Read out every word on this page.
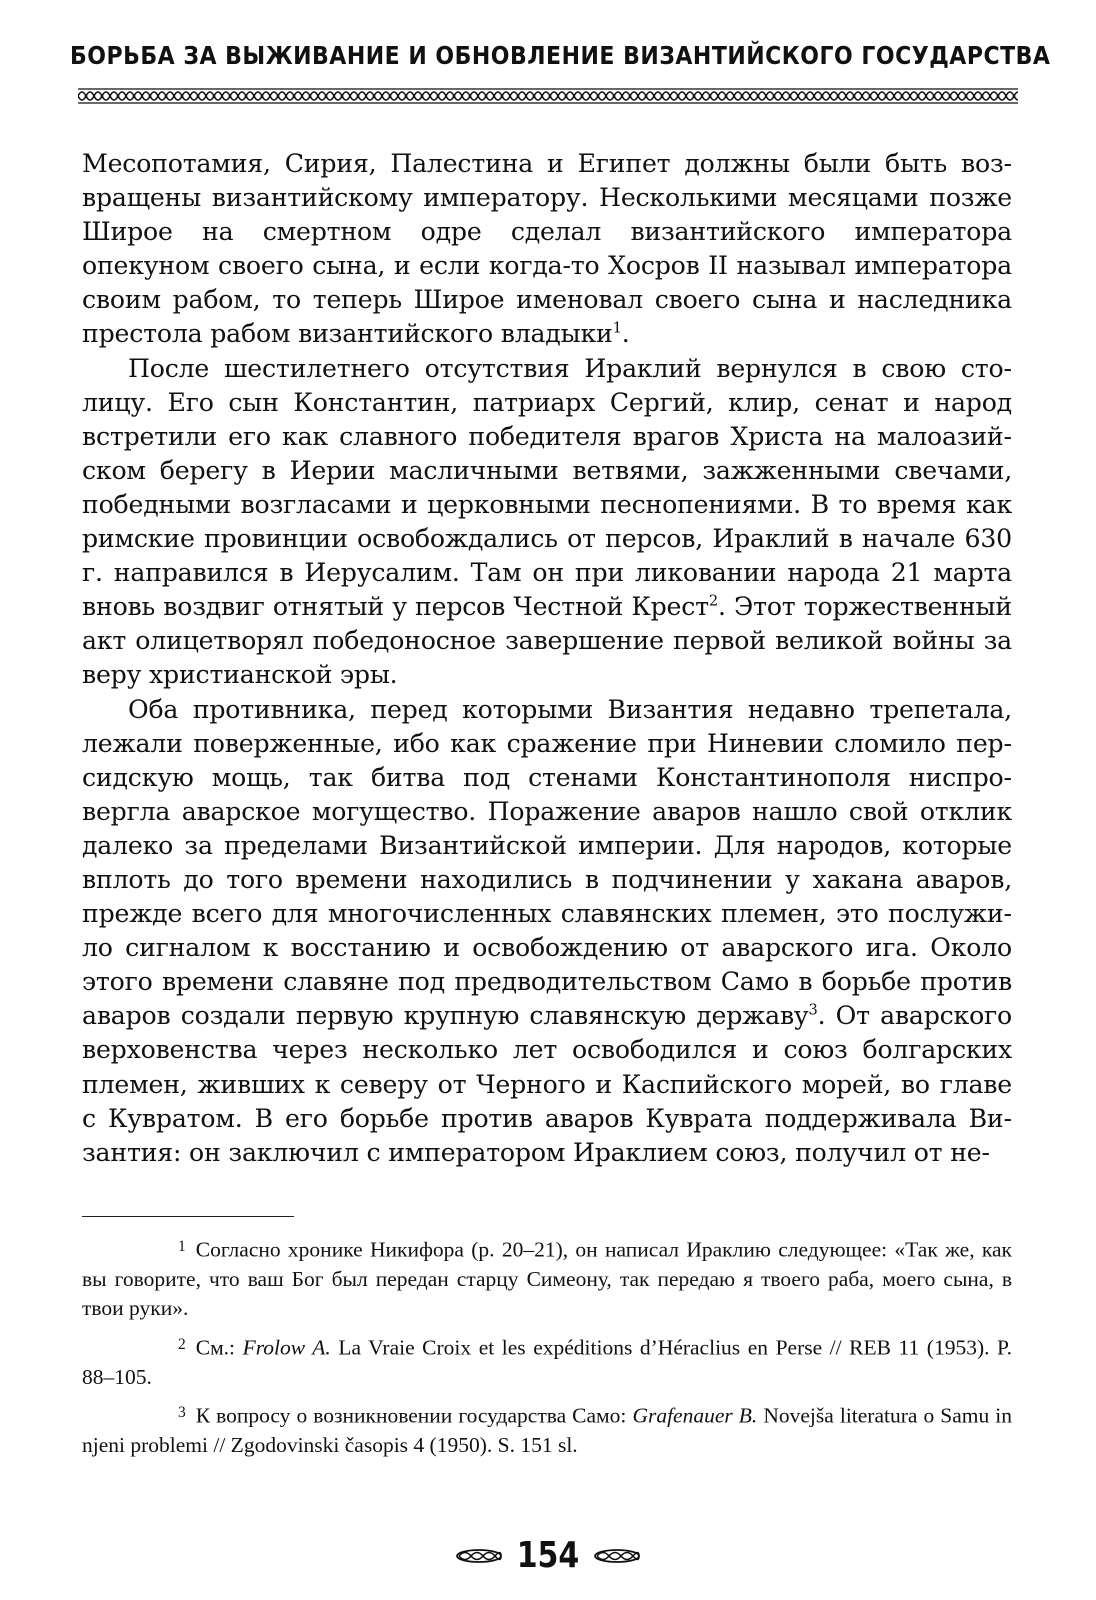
БОРЬБА ЗА ВЫЖИВАНИЕ И ОБНОВЛЕНИЕ ВИЗАНТИЙСКОГО ГОСУДАРСТВА

Месопотамия, Сирия, Палестина и Египет должны были быть возвращены византийскому императору. Несколькими месяцами позже Широе на смертном одре сделал византийского императора опекуном своего сына, и если когда-то Хосров II называл императора своим рабом, то теперь Широе именовал своего сына и наследника престола рабом византийского владыки$^1$.

После шестилетнего отсутствия Ираклий вернулся в свою столицу. Его сын Константин, патриарх Сергий, клир, сенат и народ встретили его как славного победителя врагов Христа на малоазийском берегу в Иерии масличными ветвями, зажженными свечами, победными возгласами и церковными песнопениями. В то время как римские провинции освобождались от персов, Ираклий в начале 630 г. направился в Иерусалим. Там он при ликовании народа 21 марта вновь воздвиг отнятый у персов Честной Крест$^2$. Этот торжественный акт олицетворял победоносное завершение первой великой войны за веру христианской эры.

Оба противника, перед которыми Византия недавно трепетала, лежали поверженные, ибо как сражение при Ниневии сломило персидскую мощь, так битва под стенами Константинополя ниспровергла аварское могущество. Поражение аваров нашло свой отклик далеко за пределами Византийской империи. Для народов, которые вплоть до того времени находились в подчинении у хакана аваров, прежде всего для многочисленных славянских племен, это послужило сигналом к восстанию и освобождению от аварского ига. Около этого времени славяне под предводительством Само в борьбе против аваров создали первую крупную славянскую державу$^3$. От аварского верховенства через несколько лет освободился и союз болгарских племен, живших к северу от Черного и Каспийского морей, во главе с Кувратом. В его борьбе против аваров Куврата поддерживала Византия: он заключил с императором Ираклием союз, получил от не-

1 Согласно хронике Никифора (p. 20–21), он написал Ираклию следующее: «Так же, как вы говорите, что ваш Бог был передан старцу Симеону, так передаю я твоего раба, моего сына, в твои руки».

2 См.: Frolow A. La Vraie Croix et les expéditions d’Héraclius en Perse // REB 11 (1953). P. 88–105.

3 К вопросу о возникновении государства Само: Grafenauer B. Novejša literatura o Samu in njeni problemi // Zgodovinski časopis 4 (1950). S. 151 sl.

154
